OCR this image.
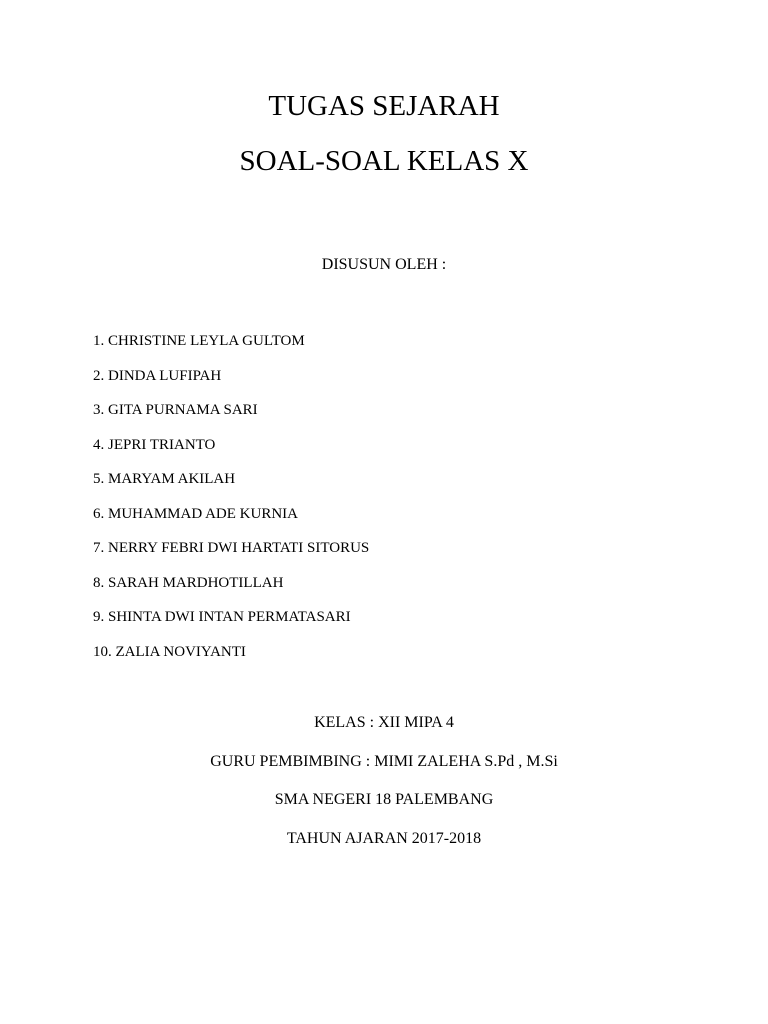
TUGAS SEJARAH
SOAL-SOAL KELAS X
DISUSUN OLEH :
1. CHRISTINE LEYLA GULTOM
2. DINDA LUFIPAH
3. GITA PURNAMA SARI
4. JEPRI TRIANTO
5. MARYAM AKILAH
6. MUHAMMAD ADE KURNIA
7. NERRY FEBRI DWI HARTATI SITORUS
8. SARAH MARDHOTILLAH
9. SHINTA DWI INTAN PERMATASARI
10. ZALIA NOVIYANTI
KELAS : XII MIPA 4
GURU PEMBIMBING : MIMI ZALEHA S.Pd , M.Si
SMA NEGERI 18 PALEMBANG
TAHUN AJARAN 2017-2018
